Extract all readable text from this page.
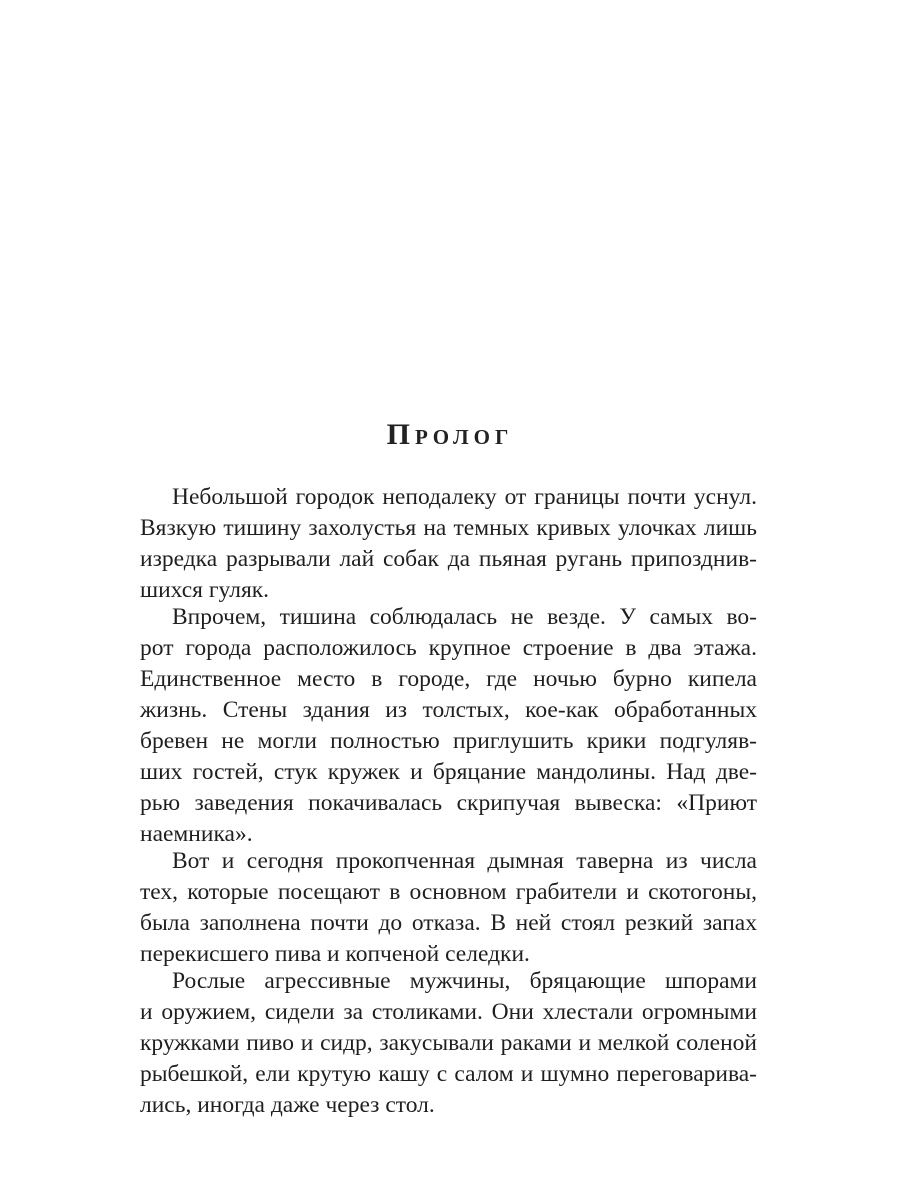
Пролог
Небольшой городок неподалеку от границы почти уснул.
Вязкую тишину захолустья на темных кривых улочках лишь
изредка разрывали лай собак да пьяная ругань припозднив-
шихся гуляк.
Впрочем, тишина соблюдалась не везде. У самых во-
рот города расположилось крупное строение в два этажа.
Единственное место в городе, где ночью бурно кипела
жизнь. Стены здания из толстых, кое-как обработанных
бревен не могли полностью приглушить крики подгуляв-
ших гостей, стук кружек и бряцание мандолины. Над две-
рью заведения покачивалась скрипучая вывеска: «Приют
наемника».
Вот и сегодня прокопченная дымная таверна из числа
тех, которые посещают в основном грабители и скотогоны,
была заполнена почти до отказа. В ней стоял резкий запах
перекисшего пива и копченой селедки.
Рослые агрессивные мужчины, бряцающие шпорами
и оружием, сидели за столиками. Они хлестали огромными
кружками пиво и сидр, закусывали раками и мелкой соленой
рыбешкой, ели крутую кашу с салом и шумно переговарива-
лись, иногда даже через стол.
